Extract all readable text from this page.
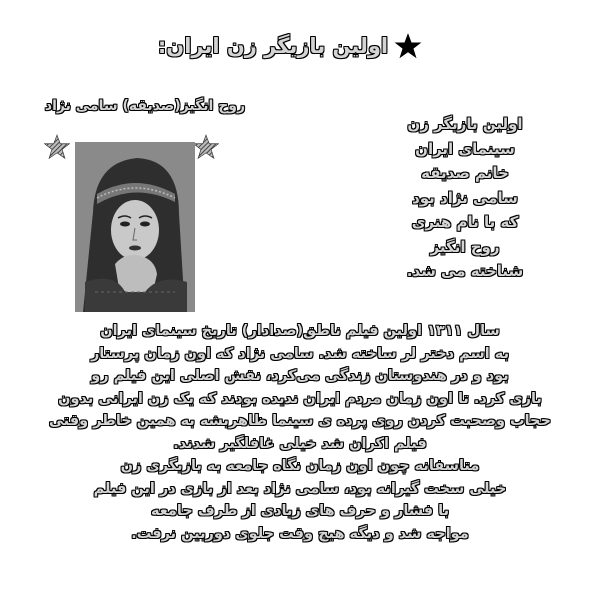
اولین بازیگر زن ایران:
روح انگیز(صدیقه) سامی نژاد
اولین بازیگر زن
سینمای ایران
خانم صدیقه
سامی نژاد بود
که با نام هنری
روح انگیز
شناخته می شد.
سال ۱۳۱۱ اولین فیلم ناطق(صدادار) تاریخ سینمای ایران
به اسم دختر لر ساخته شد. سامی نژاد که اون زمان پرستار
بود و در هندوستان زندگی می‌کرد، نقش اصلی این فیلم رو
بازی کرد. تا اون زمان مردم ایران ندیده بودند که یک زن ایرانی بدون
حجاب وصحبت کردن روی پرده ی سینما ظاهربشه به همین خاطر وقتی
فیلم اکران شد خیلی غافلگیر شدند.
متاسفانه چون اون زمان نگاه جامعه به بازیگری زن
خیلی سخت گیرانه بود، سامی نژاد بعد از بازی در این فیلم
با فشار و حرف های زیادی از طرف جامعه
مواجه شد و دیگه هیچ وقت جلوی دوربین نرفت.
